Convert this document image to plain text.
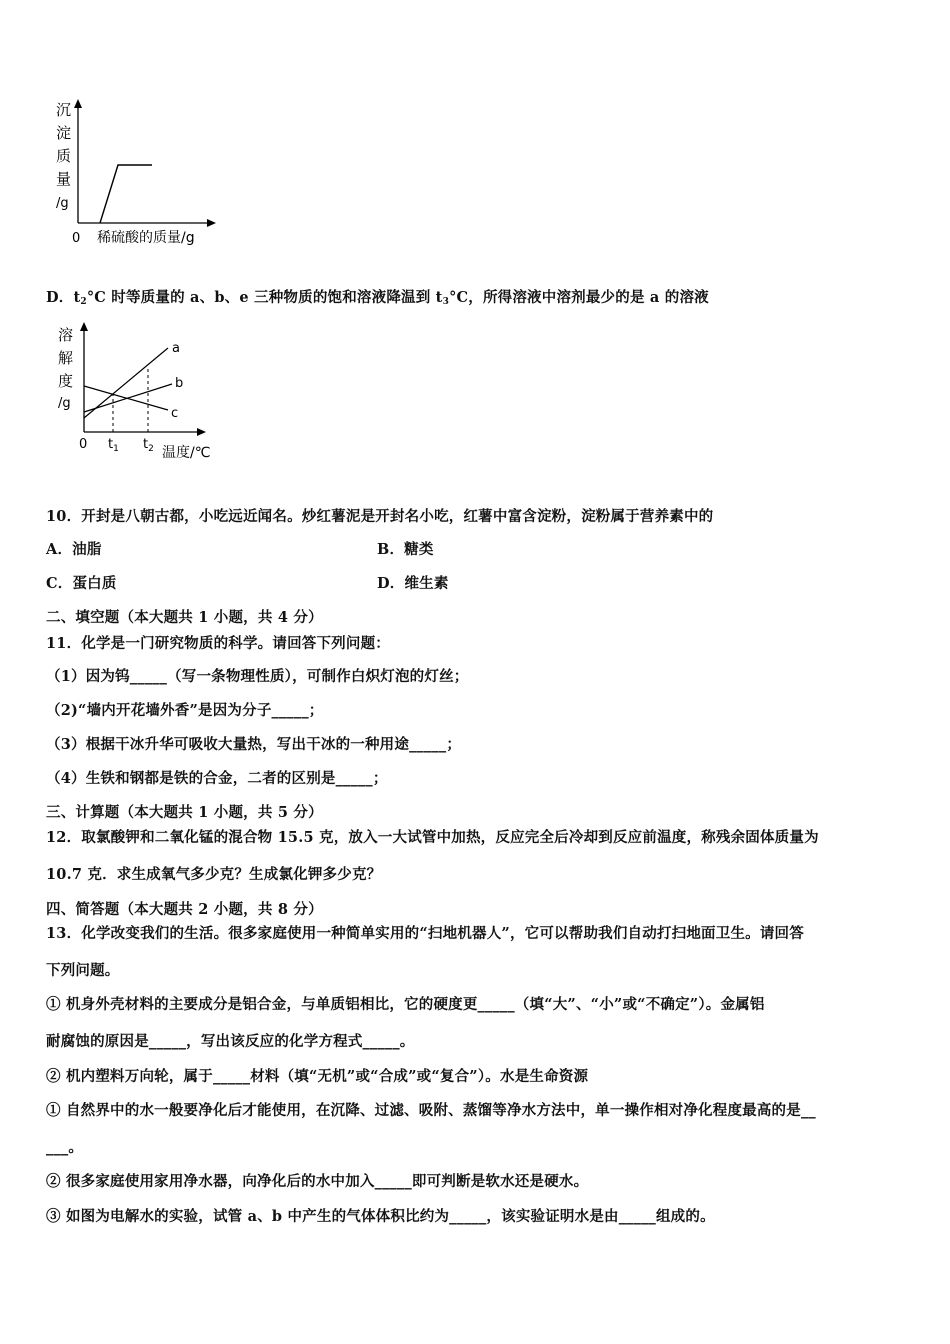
沉
淀
质
量
/g
0 稀硫酸的质量/g
D．$t_2^\circ C$ 时等质量的 a、b、e 三种物质的饱和溶液降温到 $t_3^\circ C$，所得溶液中溶剂最少的是 a 的溶液
溶
解
度
/g
a
b
c
0 $t_1$ $t_2$ 温度/℃
10．开封是八朝古都，小吃远近闻名。炒红薯泥是开封名小吃，红薯中富含淀粉，淀粉属于营养素中的
A．油脂	B．糖类
C．蛋白质	D．维生素
二、填空题（本大题共 1 小题，共 4 分）
11．化学是一门研究物质的科学。请回答下列问题：
（1）因为钨_____（写一条物理性质），可制作白炽灯泡的灯丝；
（2)“墙内开花墙外香”是因为分子_____；
（3）根据干冰升华可吸收大量热，写出干冰的一种用途_____；
（4）生铁和钢都是铁的合金，二者的区别是_____；
三、计算题（本大题共 1 小题，共 5 分）
12．取氯酸钾和二氧化锰的混合物 15.5 克，放入一大试管中加热，反应完全后冷却到反应前温度，称残余固体质量为
10.7 克．求生成氧气多少克？生成氯化钾多少克？
四、简答题（本大题共 2 小题，共 8 分）
13．化学改变我们的生活。很多家庭使用一种简单实用的“扫地机器人”，它可以帮助我们自动打扫地面卫生。请回答
下列问题。
① 机身外壳材料的主要成分是铝合金，与单质铝相比，它的硬度更_____（填“大”、“小”或“不确定”）。金属铝
耐腐蚀的原因是_____，写出该反应的化学方程式_____。
② 机内塑料万向轮，属于_____材料（填“无机”或“合成”或“复合”）。水是生命资源
① 自然界中的水一般要净化后才能使用，在沉降、过滤、吸附、蒸馏等净水方法中，单一操作相对净化程度最高的是__
___。
② 很多家庭使用家用净水器，向净化后的水中加入_____即可判断是软水还是硬水。
③ 如图为电解水的实验，试管 a、b 中产生的气体体积比约为_____，该实验证明水是由_____组成的。
